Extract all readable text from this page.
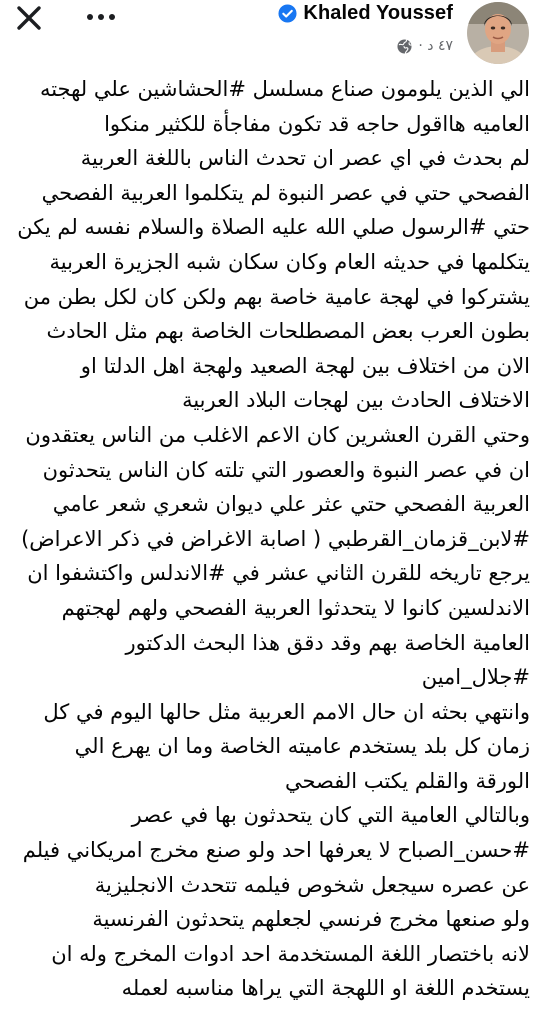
Khaled Youssef
٤٧ د ·
الي الذين يلومون صناع مسلسل #الحشاشين علي لهجته
العاميه هااقول حاجه قد تكون مفاجأة للكثير منكوا
لم بحدث في اي عصر ان تحدث الناس باللغة العربية
الفصحي حتي في عصر النبوة لم يتكلموا العربية الفصحي
حتي #الرسول صلي الله عليه الصلاة والسلام نفسه لم يكن
يتكلمها في حديثه العام وكان سكان شبه الجزيرة العربية
يشتركوا في لهجة عامية خاصة بهم ولكن كان لكل بطن من
بطون العرب بعض المصطلحات الخاصة بهم مثل الحادث
الان من اختلاف بين لهجة الصعيد ولهجة اهل الدلتا او
الاختلاف الحادث بين لهجات البلاد العربية
وحتي القرن العشرين كان الاعم الاغلب من الناس يعتقدون
ان في عصر النبوة والعصور التي تلته كان الناس يتحدثون
العربية الفصحي حتي عثر علي ديوان شعري شعر عامي
#لابن_قزمان_القرطبي ( اصابة الاغراض في ذكر الاعراض)
يرجع تاريخه للقرن الثاني عشر في #الاندلس واكتشفوا ان
الاندلسين كانوا لا يتحدثوا العربية الفصحي ولهم لهجتهم
العامية الخاصة بهم وقد دقق هذا البحث الدكتور
#جلال_امين
وانتهي بحثه ان حال الامم العربية مثل حالها اليوم في كل
زمان كل بلد يستخدم عاميته الخاصة وما ان يهرع الي
الورقة والقلم يكتب الفصحي
وبالتالي العامية التي كان يتحدثون بها في عصر
#حسن_الصباح لا يعرفها احد ولو صنع مخرج امريكاني فيلم
عن عصره سيجعل شخوص فيلمه تتحدث الانجليزية
ولو صنعها مخرج فرنسي لجعلهم يتحدثون الفرنسية
لانه باختصار اللغة المستخدمة احد ادوات المخرج وله ان
يستخدم اللغة او اللهجة التي يراها مناسبه لعمله
